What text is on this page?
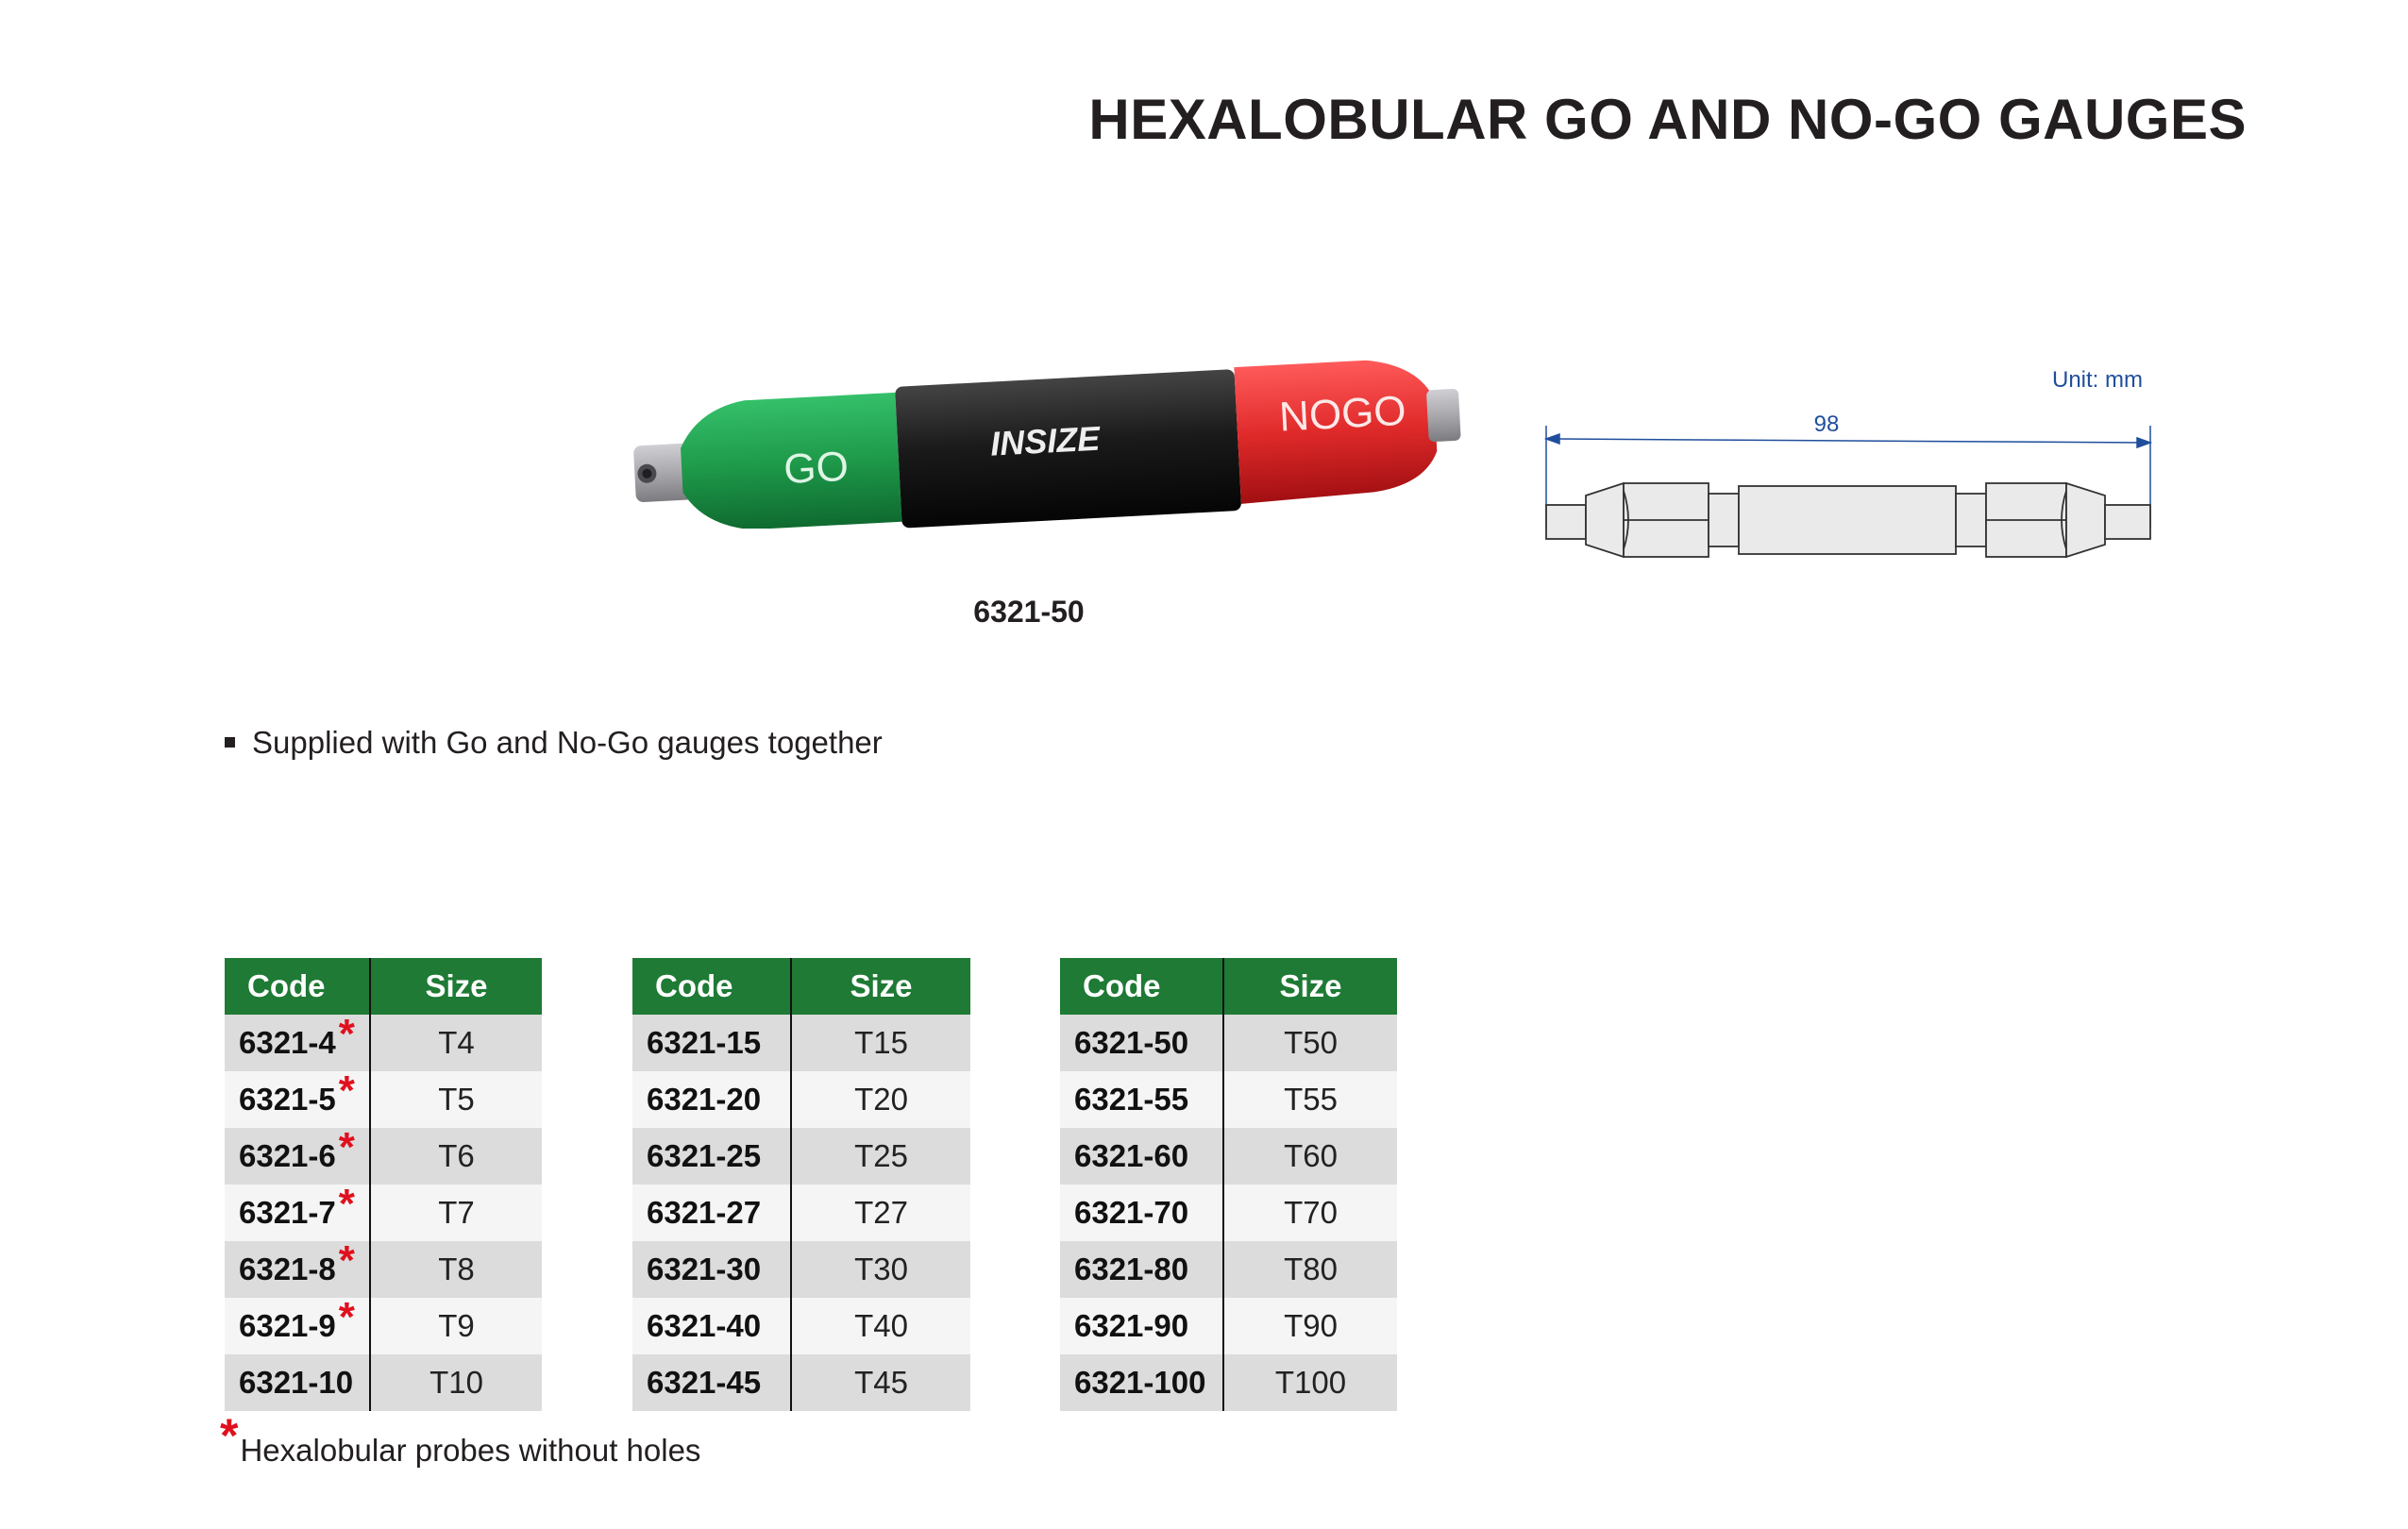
HEXALOBULAR GO AND NO-GO GAUGES
GO
INSIZE
NOGO
6321-50
Unit: mm
98
Supplied with Go and No-Go gauges together
Code	Size
6321-4*	T4
6321-5*	T5
6321-6*	T6
6321-7*	T7
6321-8*	T8
6321-9*	T9
6321-10	T10
Code	Size
6321-15	T15
6321-20	T20
6321-25	T25
6321-27	T27
6321-30	T30
6321-40	T40
6321-45	T45
Code	Size
6321-50	T50
6321-55	T55
6321-60	T60
6321-70	T70
6321-80	T80
6321-90	T90
6321-100	T100
*Hexalobular probes without holes
